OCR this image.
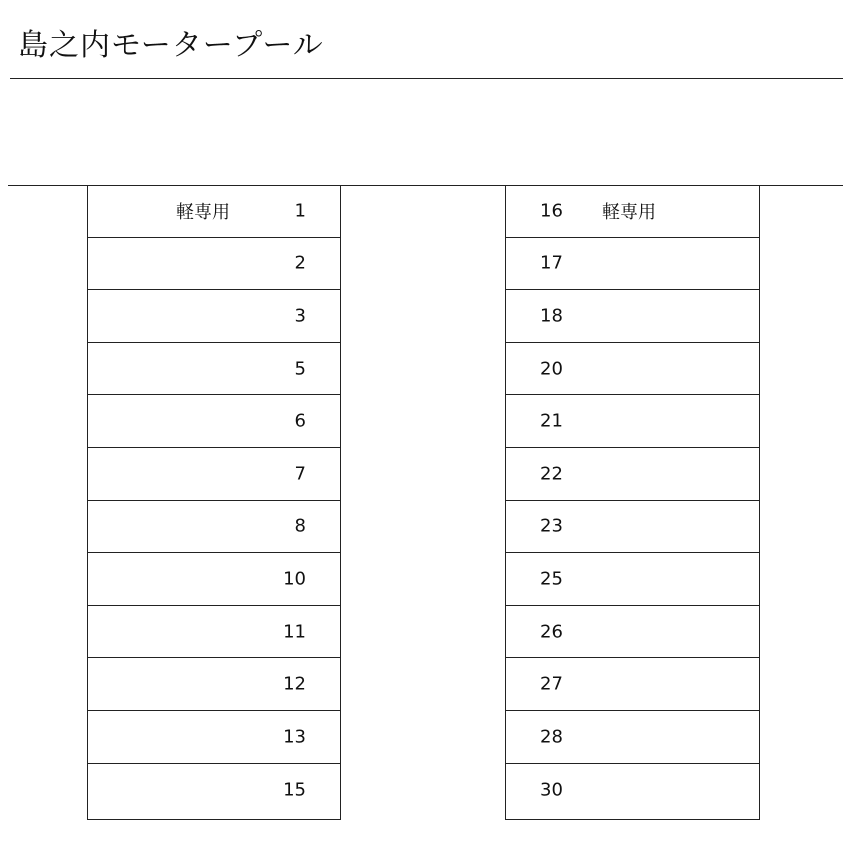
島之内モータープール
1
軽専用
2
3
5
6
7
8
10
11
12
13
15
16 軽専用
17
18
20
21
22
23
25
26
27
28
30
